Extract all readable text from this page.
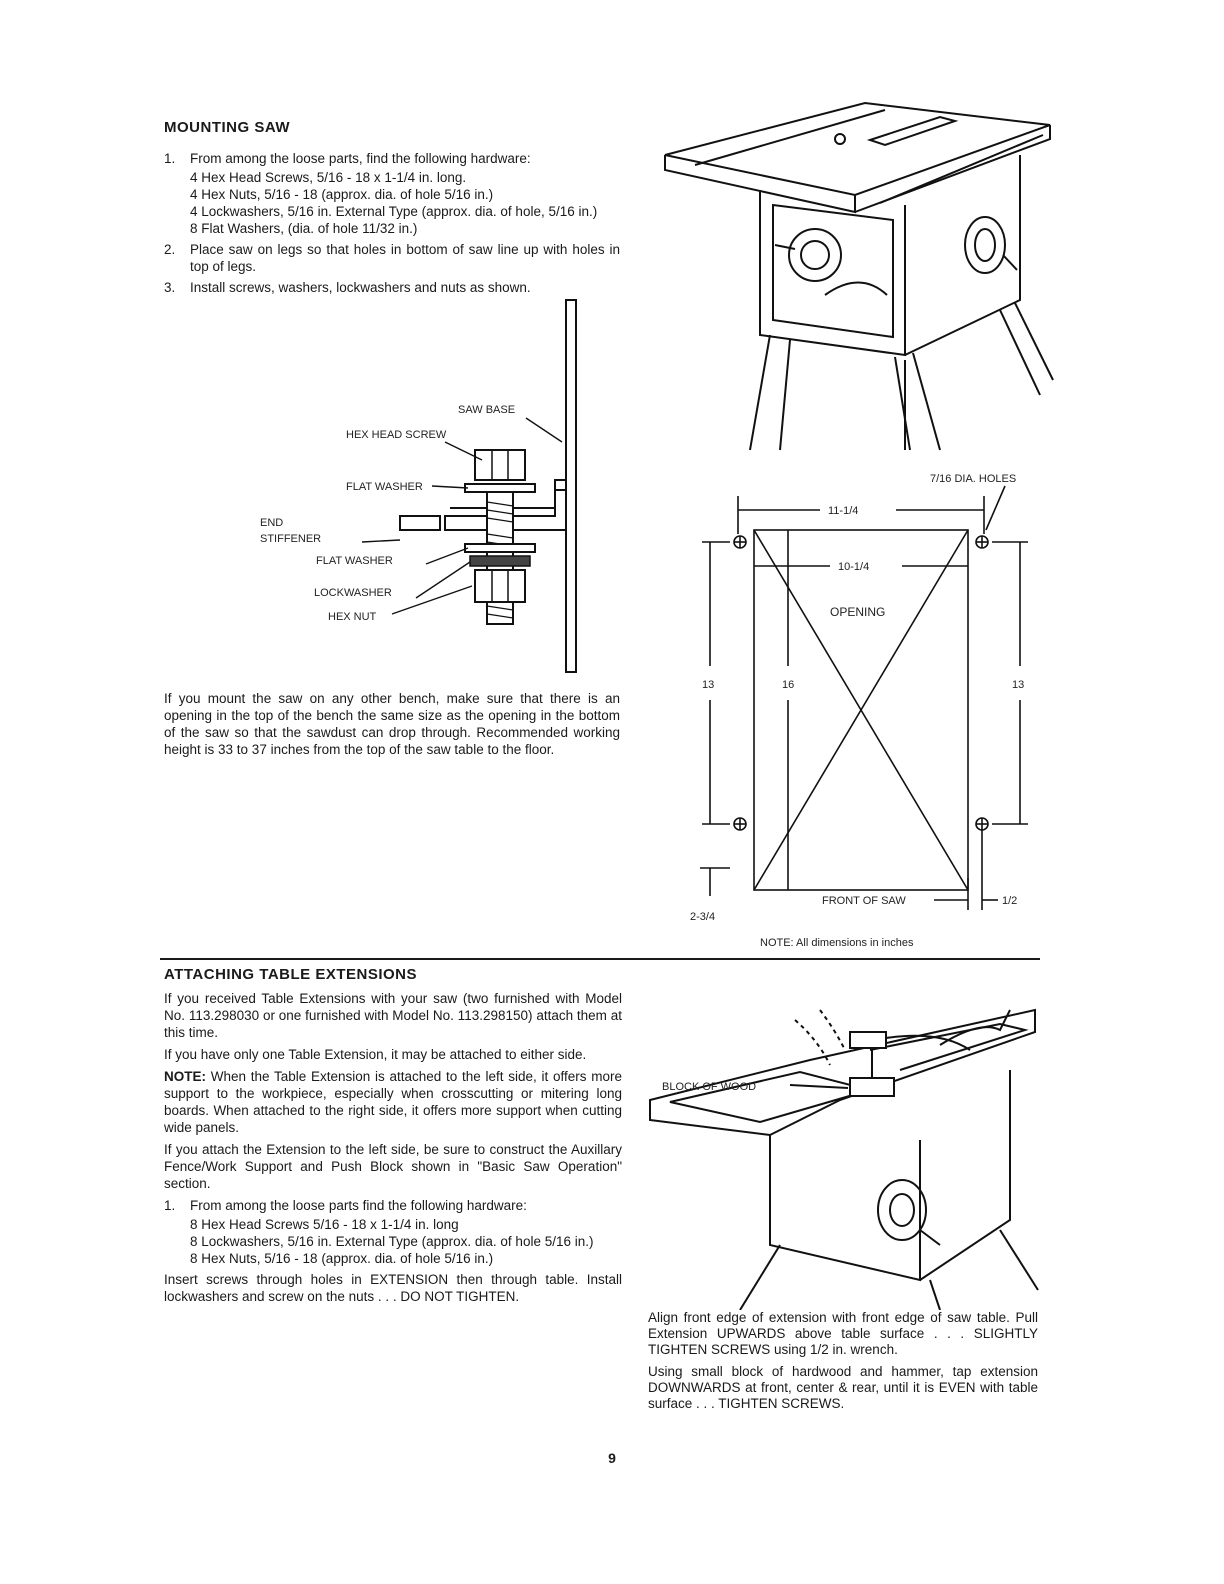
MOUNTING SAW
1. From among the loose parts, find the following hardware:
4 Hex Head Screws, 5/16 - 18 x 1-1/4 in. long.
4 Hex Nuts, 5/16 - 18 (approx. dia. of hole 5/16 in.)
4 Lockwashers, 5/16 in. External Type (approx. dia. of hole, 5/16 in.)
8 Flat Washers, (dia. of hole 11/32 in.)
2. Place saw on legs so that holes in bottom of saw line up with holes in top of legs.
3. Install screws, washers, lockwashers and nuts as shown.
SAW BASE
HEX HEAD SCREW
FLAT WASHER
END
STIFFENER
FLAT WASHER
LOCKWASHER
HEX NUT

If you mount the saw on any other bench, make sure that there is an opening in the top of the bench the same size as the opening in the bottom of the saw so that the sawdust can drop through. Recommended working height is 33 to 37 inches from the top of the saw table to the floor.

7/16 DIA. HOLES
11-1/4
10-1/4
OPENING
13	16	13
FRONT OF SAW	1/2
2-3/4
NOTE: All dimensions in inches
ATTACHING TABLE EXTENSIONS

If you received Table Extensions with your saw (two furnished with Model No. 113.298030 or one furnished with Model No. 113.298150) attach them at this time.

If you have only one Table Extension, it may be attached to either side.

NOTE: When the Table Extension is attached to the left side, it offers more support to the workpiece, especially when crosscutting or mitering long boards. When attached to the right side, it offers more support when cutting wide panels.

If you attach the Extension to the left side, be sure to construct the Auxillary Fence/Work Support and Push Block shown in "Basic Saw Operation" section.

1. From among the loose parts find the following hardware:
8 Hex Head Screws 5/16 - 18 x 1-1/4 in. long
8 Lockwashers, 5/16 in. External Type (approx. dia. of hole 5/16 in.)
8 Hex Nuts, 5/16 - 18 (approx. dia. of hole 5/16 in.)

Insert screws through holes in EXTENSION then through table. Install lockwashers and screw on the nuts . . . DO NOT TIGHTEN.

BLOCK OF WOOD

Align front edge of extension with front edge of saw table. Pull Extension UPWARDS above table surface . . . SLIGHTLY TIGHTEN SCREWS using 1/2 in. wrench.

Using small block of hardwood and hammer, tap extension DOWNWARDS at front, center & rear, until it is EVEN with table surface . . . TIGHTEN SCREWS.

9
